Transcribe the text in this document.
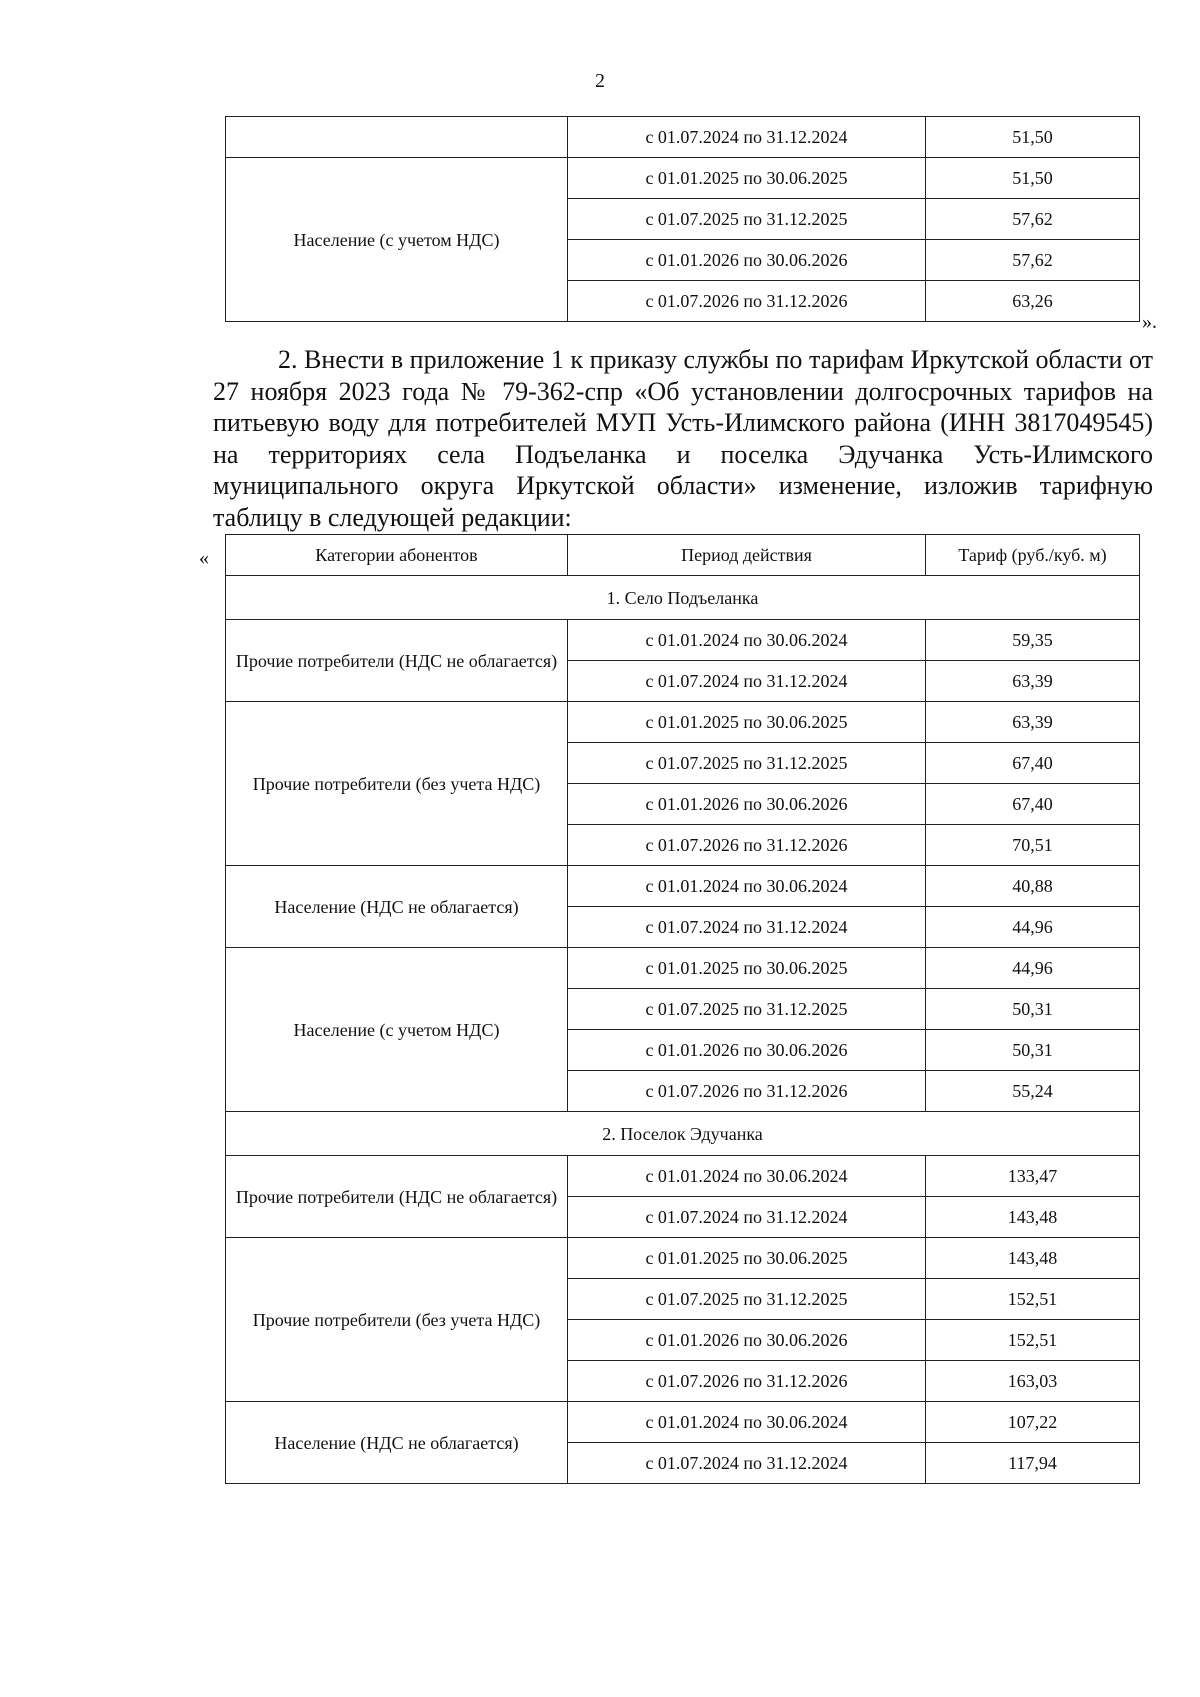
2
	с 01.07.2024 по 31.12.2024	51,50
Население (с учетом НДС)	с 01.01.2025 по 30.06.2025	51,50
	с 01.07.2025 по 31.12.2025	57,62
	с 01.01.2026 по 30.06.2026	57,62
	с 01.07.2026 по 31.12.2026	63,26
».
2. Внести в приложение 1 к приказу службы по тарифам Иркутской области от 27 ноября 2023 года № 79-362-спр «Об установлении долгосрочных тарифов на питьевую воду для потребителей МУП Усть-Илимского района (ИНН 3817049545) на территориях села Подъеланка и поселка Эдучанка Усть-Илимского муниципального округа Иркутской области» изменение, изложив тарифную таблицу в следующей редакции:
«	Категории абонентов	Период действия	Тариф (руб./куб. м)
1. Село Подъеланка		
Прочие потребители (НДС не облагается)	с 01.01.2024 по 30.06.2024	59,35
	с 01.07.2024 по 31.12.2024	63,39
Прочие потребители (без учета НДС)	с 01.01.2025 по 30.06.2025	63,39
	с 01.07.2025 по 31.12.2025	67,40
	с 01.01.2026 по 30.06.2026	67,40
	с 01.07.2026 по 31.12.2026	70,51
Население (НДС не облагается)	с 01.01.2024 по 30.06.2024	40,88
	с 01.07.2024 по 31.12.2024	44,96
Население (с учетом НДС)	с 01.01.2025 по 30.06.2025	44,96
	с 01.07.2025 по 31.12.2025	50,31
	с 01.01.2026 по 30.06.2026	50,31
	с 01.07.2026 по 31.12.2026	55,24
2. Поселок Эдучанка		
Прочие потребители (НДС не облагается)	с 01.01.2024 по 30.06.2024	133,47
	с 01.07.2024 по 31.12.2024	143,48
Прочие потребители (без учета НДС)	с 01.01.2025 по 30.06.2025	143,48
	с 01.07.2025 по 31.12.2025	152,51
	с 01.01.2026 по 30.06.2026	152,51
	с 01.07.2026 по 31.12.2026	163,03
Население (НДС не облагается)	с 01.01.2024 по 30.06.2024	107,22
	с 01.07.2024 по 31.12.2024	117,94
